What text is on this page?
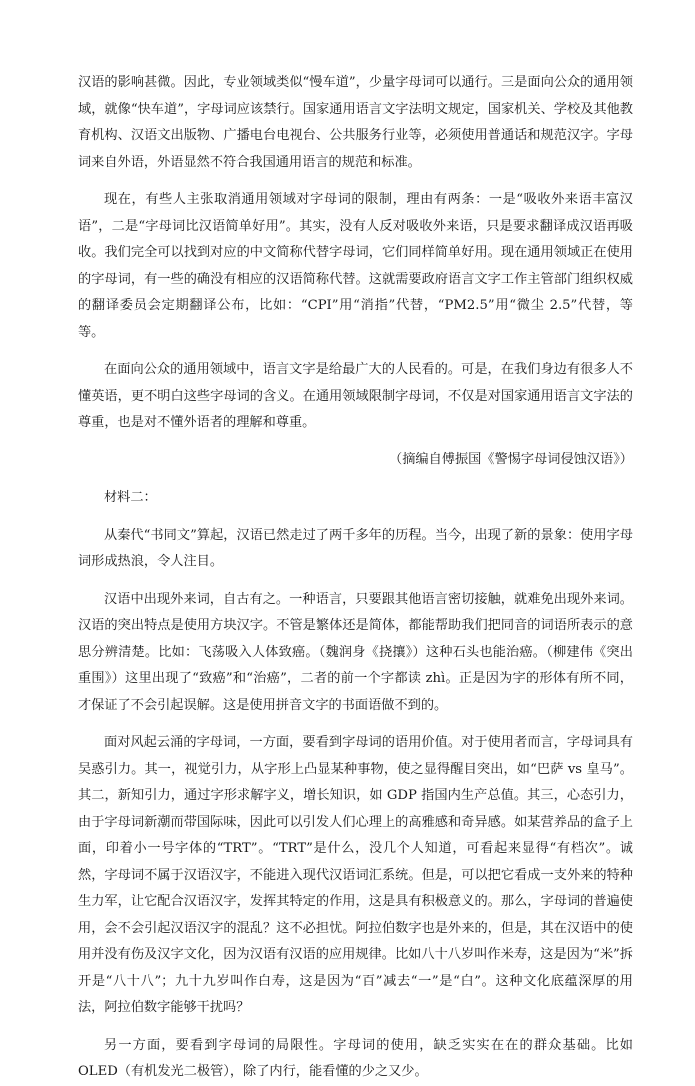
汉语的影响甚微。因此，专业领域类似“慢车道”，少量字母词可以通行。三是面向公众的通用领域，就像“快车道”，字母词应该禁行。国家通用语言文字法明文规定，国家机关、学校及其他教育机构、汉语文出版物、广播电台电视台、公共服务行业等，必须使用普通话和规范汉字。字母词来自外语，外语显然不符合我国通用语言的规范和标准。

现在，有些人主张取消通用领域对字母词的限制，理由有两条：一是“吸收外来语丰富汉语”，二是“字母词比汉语简单好用”。其实，没有人反对吸收外来语，只是要求翻译成汉语再吸收。我们完全可以找到对应的中文简称代替字母词，它们同样简单好用。现在通用领域正在使用的字母词，有一些的确没有相应的汉语简称代替。这就需要政府语言文字工作主管部门组织权威的翻译委员会定期翻译公布，比如：“CPI”用“消指”代替，“PM2.5”用“微尘 2.5”代替，等等。

在面向公众的通用领域中，语言文字是给最广大的人民看的。可是，在我们身边有很多人不懂英语，更不明白这些字母词的含义。在通用领域限制字母词，不仅是对国家通用语言文字法的尊重，也是对不懂外语者的理解和尊重。

（摘编自傅振国《警惕字母词侵蚀汉语》）

材料二：

从秦代“书同文”算起，汉语已然走过了两千多年的历程。当今，出现了新的景象：使用字母词形成热浪，令人注目。

汉语中出现外来词，自古有之。一种语言，只要跟其他语言密切接触，就难免出现外来词。汉语的突出特点是使用方块汉字。不管是繁体还是简体，都能帮助我们把同音的词语所表示的意思分辨清楚。比如：飞荡吸入人体致癌。（魏润身《挠攘》）这种石头也能治癌。（柳建伟《突出重围》）这里出现了“致癌”和“治癌”，二者的前一个字都读 zhì。正是因为字的形体有所不同，才保证了不会引起误解。这是使用拼音文字的书面语做不到的。

面对风起云涌的字母词，一方面，要看到字母词的语用价值。对于使用者而言，字母词具有吴惑引力。其一，视觉引力，从字形上凸显某种事物，使之显得醒目突出，如“巴萨 vs 皇马”。其二，新知引力，通过字形求解字义，增长知识，如 GDP 指国内生产总值。其三，心态引力，由于字母词新潮而带国际味，因此可以引发人们心理上的高雅感和奇异感。如某营养品的盒子上面，印着小一号字体的“TRT”。“TRT”是什么，没几个人知道，可看起来显得“有档次”。诚然，字母词不属于汉语汉字，不能进入现代汉语词汇系统。但是，可以把它看成一支外来的特种生力军，让它配合汉语汉字，发挥其特定的作用，这是具有积极意义的。那么，字母词的普遍使用，会不会引起汉语汉字的混乱？这不必担忧。阿拉伯数字也是外来的，但是，其在汉语中的使用并没有伤及汉字文化，因为汉语有汉语的应用规律。比如八十八岁叫作米寿，这是因为“米”拆开是“八十八”；九十九岁叫作白寿，这是因为“百”减去“一”是“白”。这种文化底蕴深厚的用法，阿拉伯数字能够干扰吗？

另一方面，要看到字母词的局限性。字母词的使用，缺乏实实在在的群众基础。比如 OLED（有机发光二极管），除了内行，能看懂的少之又少。
